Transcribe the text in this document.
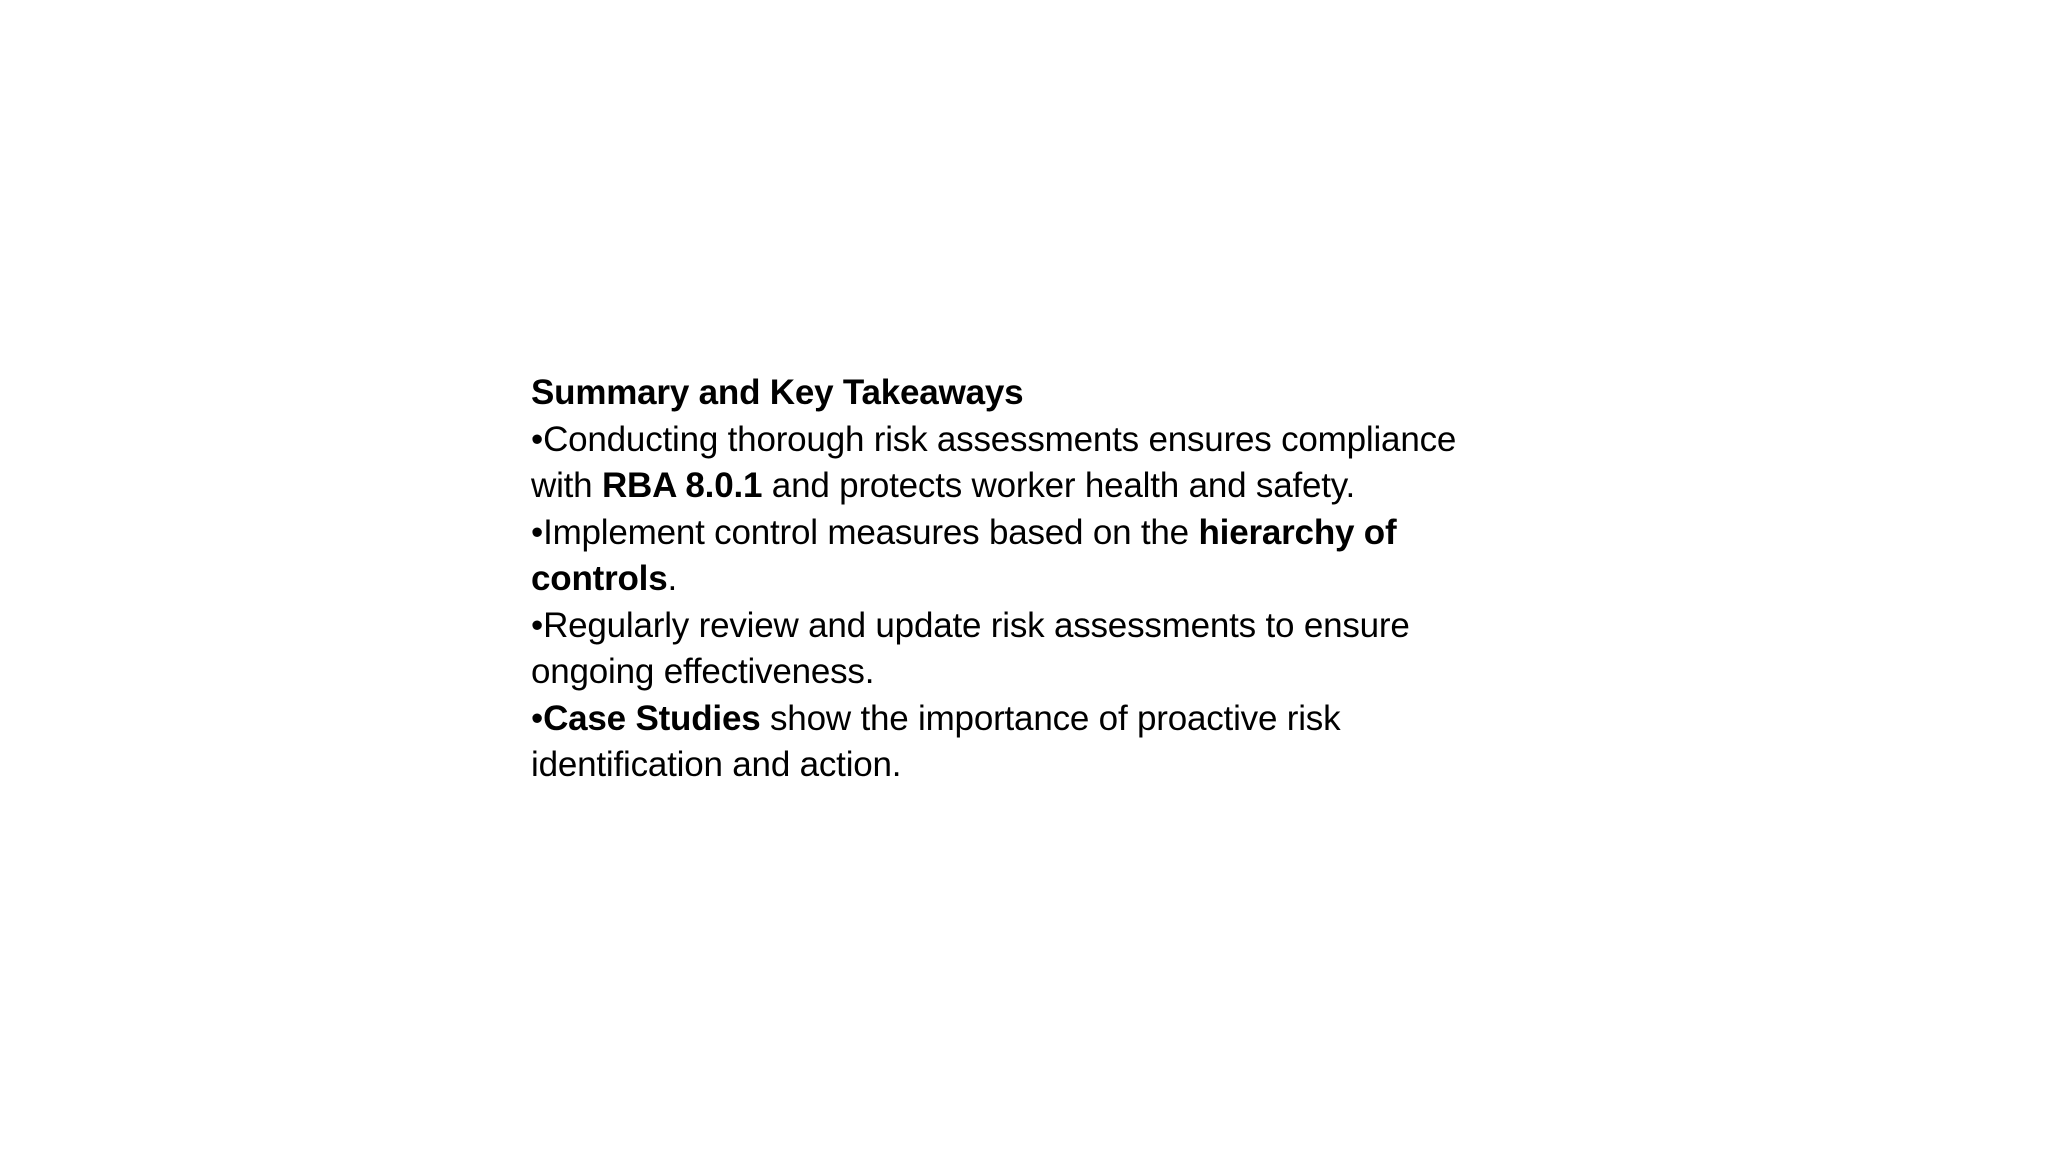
Summary and Key Takeaways

•Conducting thorough risk assessments ensures compliance with RBA 8.0.1 and protects worker health and safety.

•Implement control measures based on the hierarchy of controls.

•Regularly review and update risk assessments to ensure ongoing effectiveness.

•Case Studies show the importance of proactive risk identification and action.
